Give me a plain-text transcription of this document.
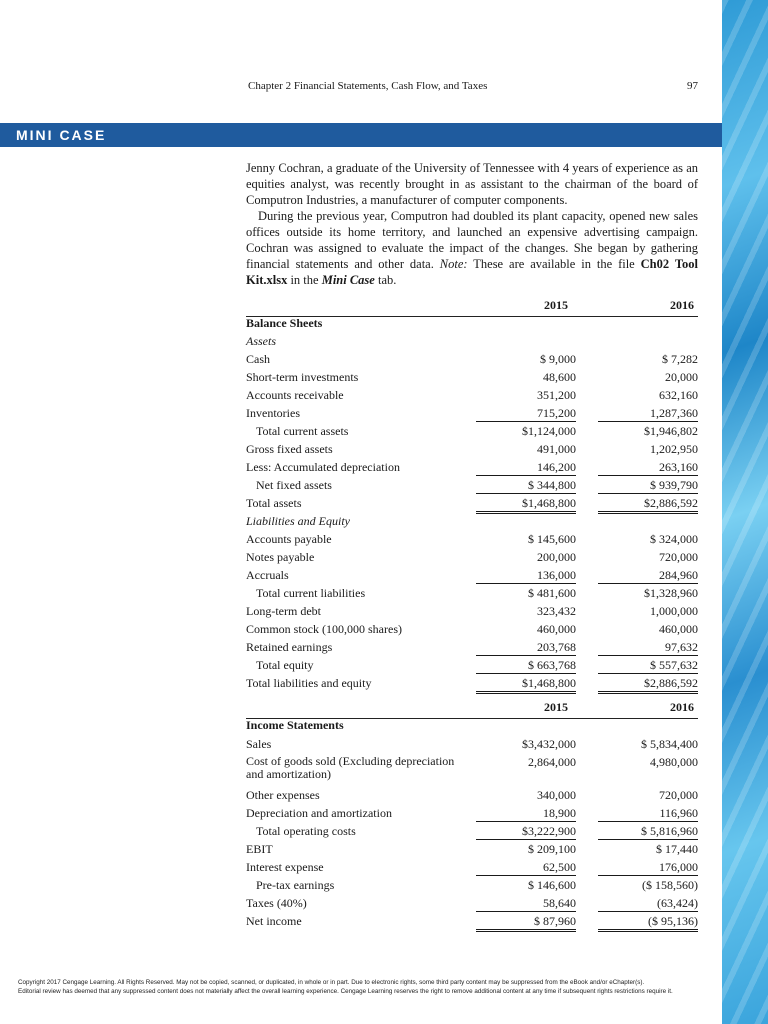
Chapter 2 Financial Statements, Cash Flow, and Taxes	97
MINI CASE

Jenny Cochran, a graduate of the University of Tennessee with 4 years of experience as an equities analyst, was recently brought in as assistant to the chairman of the board of Computron Industries, a manufacturer of computer components.

During the previous year, Computron had doubled its plant capacity, opened new sales offices outside its home territory, and launched an expensive advertising campaign. Cochran was assigned to evaluate the impact of the changes. She began by gathering financial statements and other data. Note: These are available in the file Ch02 Tool Kit.xlsx in the Mini Case tab.

2015	2016
Balance Sheets
Assets
Cash	$ 9,000	$ 7,282
Short-term investments	48,600	20,000
Accounts receivable	351,200	632,160
Inventories	715,200	1,287,360
Total current assets	$1,124,000	$1,946,802
Gross fixed assets	491,000	1,202,950
Less: Accumulated depreciation	146,200	263,160
Net fixed assets	$ 344,800	$ 939,790
Total assets	$1,468,800	$2,886,592
Liabilities and Equity
Accounts payable	$ 145,600	$ 324,000
Notes payable	200,000	720,000
Accruals	136,000	284,960
Total current liabilities	$ 481,600	$1,328,960
Long-term debt	323,432	1,000,000
Common stock (100,000 shares)	460,000	460,000
Retained earnings	203,768	97,632
Total equity	$ 663,768	$ 557,632
Total liabilities and equity	$1,468,800	$2,886,592
2015	2016
Income Statements
Sales	$3,432,000	$ 5,834,400
Cost of goods sold (Excluding depreciation
and amortization)
2,864,000	4,980,000
Other expenses	340,000	720,000
Depreciation and amortization	18,900	116,960
Total operating costs	$3,222,900	$ 5,816,960
EBIT	$ 209,100	$ 17,440
Interest expense	62,500	176,000
Pre-tax earnings	$ 146,600	($ 158,560)
Taxes (40%)	58,640	(63,424)
Net income	$ 87,960	($ 95,136)
Copyright 2017 Cengage Learning. All Rights Reserved. May not be copied, scanned, or duplicated, in whole or in part. Due to electronic rights, some third party content may be suppressed from the eBook and/or eChapter(s).
Editorial review has deemed that any suppressed content does not materially affect the overall learning experience. Cengage Learning reserves the right to remove additional content at any time if subsequent rights restrictions require it.
